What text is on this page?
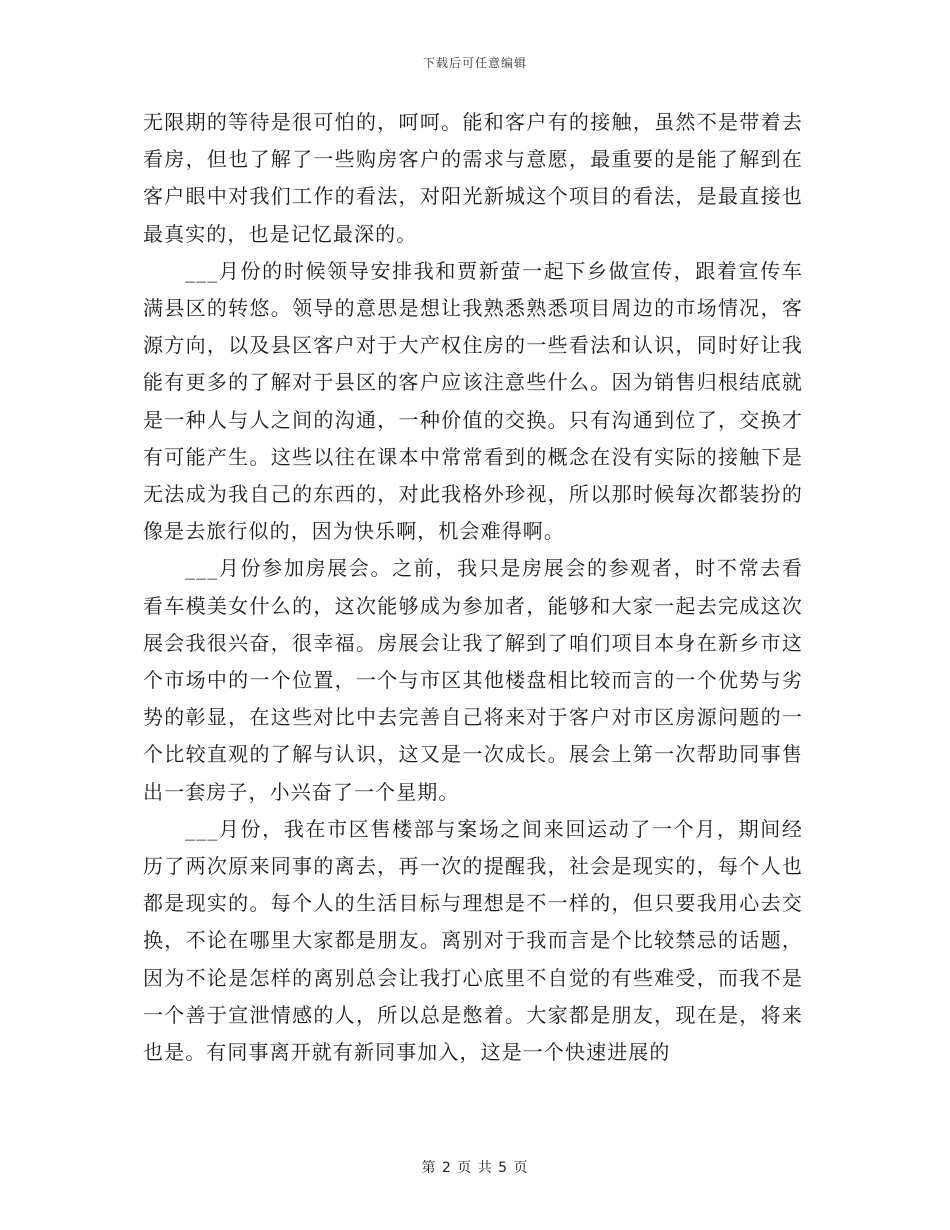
下载后可任意编辑

无限期的等待是很可怕的，呵呵。能和客户有的接触，虽然不是带着去看房，但也了解了一些购房客户的需求与意愿，最重要的是能了解到在客户眼中对我们工作的看法，对阳光新城这个项目的看法，是最直接也最真实的，也是记忆最深的。

___月份的时候领导安排我和贾新萤一起下乡做宣传，跟着宣传车满县区的转悠。领导的意思是想让我熟悉熟悉项目周边的市场情况，客源方向，以及县区客户对于大产权住房的一些看法和认识，同时好让我能有更多的了解对于县区的客户应该注意些什么。因为销售归根结底就是一种人与人之间的沟通，一种价值的交换。只有沟通到位了，交换才有可能产生。这些以往在课本中常常看到的概念在没有实际的接触下是无法成为我自己的东西的，对此我格外珍视，所以那时候每次都装扮的像是去旅行似的，因为快乐啊，机会难得啊。

___月份参加房展会。之前，我只是房展会的参观者，时不常去看看车模美女什么的，这次能够成为参加者，能够和大家一起去完成这次展会我很兴奋，很幸福。房展会让我了解到了咱们项目本身在新乡市这个市场中的一个位置，一个与市区其他楼盘相比较而言的一个优势与劣势的彰显，在这些对比中去完善自己将来对于客户对市区房源问题的一个比较直观的了解与认识，这又是一次成长。展会上第一次帮助同事售出一套房子，小兴奋了一个星期。

___月份，我在市区售楼部与案场之间来回运动了一个月，期间经历了两次原来同事的离去，再一次的提醒我，社会是现实的，每个人也都是现实的。每个人的生活目标与理想是不一样的，但只要我用心去交换，不论在哪里大家都是朋友。离别对于我而言是个比较禁忌的话题，因为不论是怎样的离别总会让我打心底里不自觉的有些难受，而我不是一个善于宣泄情感的人，所以总是憋着。大家都是朋友，现在是，将来也是。有同事离开就有新同事加入，这是一个快速进展的

第 2 页 共 5 页
